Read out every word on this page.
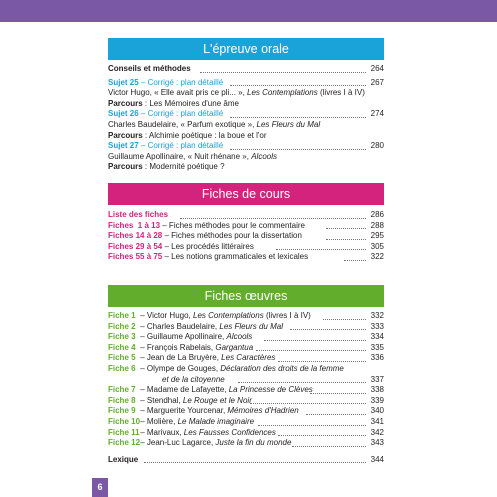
L'épreuve orale
Conseils et méthodes	264
Sujet 25 – Corrigé : plan détaillé	267
Victor Hugo, « Elle avait pris ce pli... », Les Contemplations (livres I à IV)
Parcours : Les Mémoires d'une âme
Sujet 26 – Corrigé : plan détaillé	274
Charles Baudelaire, « Parfum exotique », Les Fleurs du Mal
Parcours : Alchimie poétique : la boue et l'or
Sujet 27 – Corrigé : plan détaillé	280
Guillaume Apollinaire, « Nuit rhénane », Alcools
Parcours : Modernité poétique ?
Fiches de cours
Liste des fiches	286
Fiches  1 à 13 – Fiches méthodes pour le commentaire	288
Fiches 14 à 28 – Fiches méthodes pour la dissertation	295
Fiches 29 à 54 – Les procédés littéraires	305
Fiches 55 à 75 – Les notions grammaticales et lexicales	322
Fiches œuvres
Fiche 1 – Victor Hugo, Les Contemplations (livres I à IV)	332
Fiche 2 – Charles Baudelaire, Les Fleurs du Mal	333
Fiche 3 – Guillaume Apollinaire, Alcools	334
Fiche 4 – François Rabelais, Gargantua	335
Fiche 5 – Jean de La Bruyère, Les Caractères	336
Fiche 6 – Olympe de Gouges, Déclaration des droits de la femme
et de la citoyenne	337
Fiche 7 – Madame de Lafayette, La Princesse de Clèves	338
Fiche 8 – Stendhal, Le Rouge et le Noir	339
Fiche 9 – Marguerite Yourcenar, Mémoires d'Hadrien	340
Fiche 10 – Molière, Le Malade imaginaire	341
Fiche 11 – Marivaux, Les Fausses Confidences	342
Fiche 12 – Jean-Luc Lagarce, Juste la fin du monde	343
Lexique	344
6
